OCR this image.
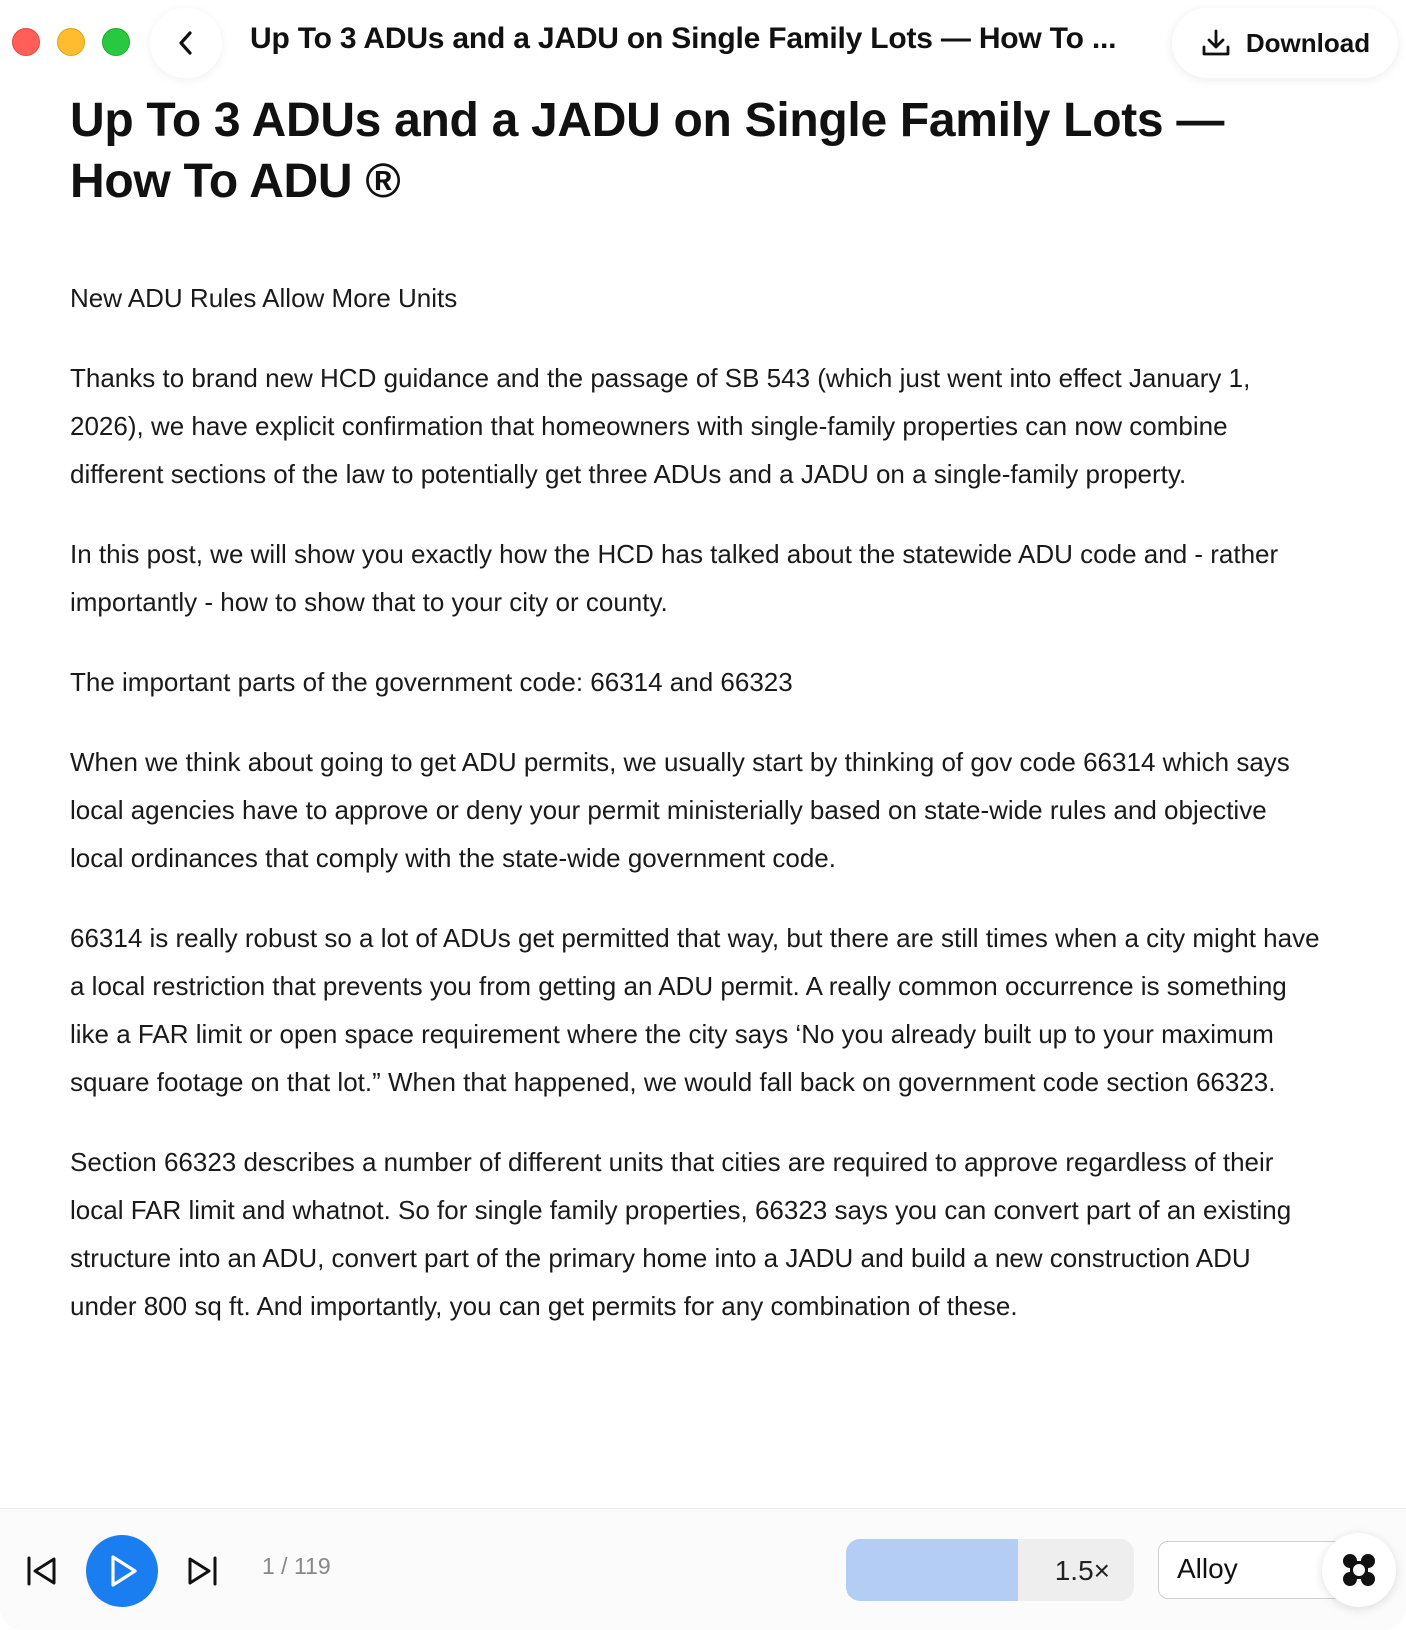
Up To 3 ADUs and a JADU on Single Family Lots — How To ...	Download
Up To 3 ADUs and a JADU on Single Family Lots — How To ADU ®

New ADU Rules Allow More Units

Thanks to brand new HCD guidance and the passage of SB 543 (which just went into effect January 1, 2026), we have explicit confirmation that homeowners with single-family properties can now combine different sections of the law to potentially get three ADUs and a JADU on a single-family property.

In this post, we will show you exactly how the HCD has talked about the statewide ADU code and - rather importantly - how to show that to your city or county.

The important parts of the government code: 66314 and 66323

When we think about going to get ADU permits, we usually start by thinking of gov code 66314 which says local agencies have to approve or deny your permit ministerially based on state-wide rules and objective local ordinances that comply with the state-wide government code.

66314 is really robust so a lot of ADUs get permitted that way, but there are still times when a city might have a local restriction that prevents you from getting an ADU permit. A really common occurrence is something like a FAR limit or open space requirement where the city says ‘No you already built up to your maximum square footage on that lot.” When that happened, we would fall back on government code section 66323.

Section 66323 describes a number of different units that cities are required to approve regardless of their local FAR limit and whatnot. So for single family properties, 66323 says you can convert part of an existing structure into an ADU, convert part of the primary home into a JADU and build a new construction ADU under 800 sq ft. And importantly, you can get permits for any combination of these.

1 / 119	1.5×	Alloy
